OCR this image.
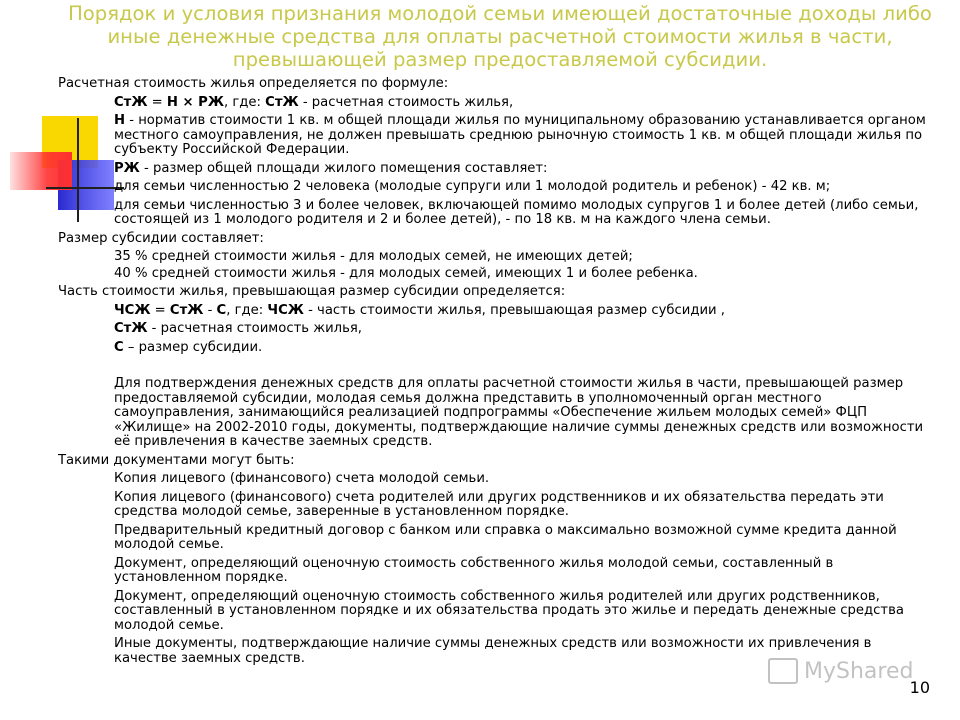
Порядок и условия признания молодой семьи имеющей достаточные доходы либо иные денежные средства для оплаты расчетной стоимости жилья в части, превышающей размер предоставляемой субсидии.

Расчетная стоимость жилья определяется по формуле:

СтЖ = Н × РЖ, где: СтЖ - расчетная стоимость жилья,

Н - норматив стоимости 1 кв. м общей площади жилья по муниципальному образованию устанавливается органом местного самоуправления, не должен превышать среднюю рыночную стоимость 1 кв. м общей площади жилья по субъекту Российской Федерации.

РЖ - размер общей площади жилого помещения составляет:

для семьи численностью 2 человека (молодые супруги или 1 молодой родитель и ребенок) - 42 кв. м;

для семьи численностью 3 и более человек, включающей помимо молодых супругов 1 и более детей (либо семьи, состоящей из 1 молодого родителя и 2 и более детей), - по 18 кв. м на каждого члена семьи.

Размер субсидии составляет:

35 % средней стоимости жилья - для молодых семей, не имеющих детей;

40 % средней стоимости жилья - для молодых семей, имеющих 1 и более ребенка.

Часть стоимости жилья, превышающая размер субсидии определяется:

ЧСЖ = СтЖ - С, где: ЧСЖ - часть стоимости жилья, превышающая размер субсидии ,

СтЖ - расчетная стоимость жилья,

С – размер субсидии.

Для подтверждения денежных средств для оплаты расчетной стоимости жилья в части, превышающей размер предоставляемой субсидии, молодая семья должна представить в уполномоченный орган местного самоуправления, занимающийся реализацией подпрограммы «Обеспечение жильем молодых семей» ФЦП «Жилище» на 2002-2010 годы, документы, подтверждающие наличие суммы денежных средств или возможности её привлечения в качестве заемных средств.

Такими документами могут быть:

Копия лицевого (финансового) счета молодой семьи.

Копия лицевого (финансового) счета родителей или других родственников и их обязательства передать эти средства молодой семье, заверенные в установленном порядке.

Предварительный кредитный договор с банком или справка о максимально возможной сумме кредита данной молодой семье.

Документ, определяющий оценочную стоимость собственного жилья молодой семьи, составленный в установленном порядке.

Документ, определяющий оценочную стоимость собственного жилья родителей или других родственников, составленный в установленном порядке и их обязательства продать это жилье и передать денежные средства молодой семье.

Иные документы, подтверждающие наличие суммы денежных средств или возможности их привлечения в качестве заемных средств.

MyShared
10
